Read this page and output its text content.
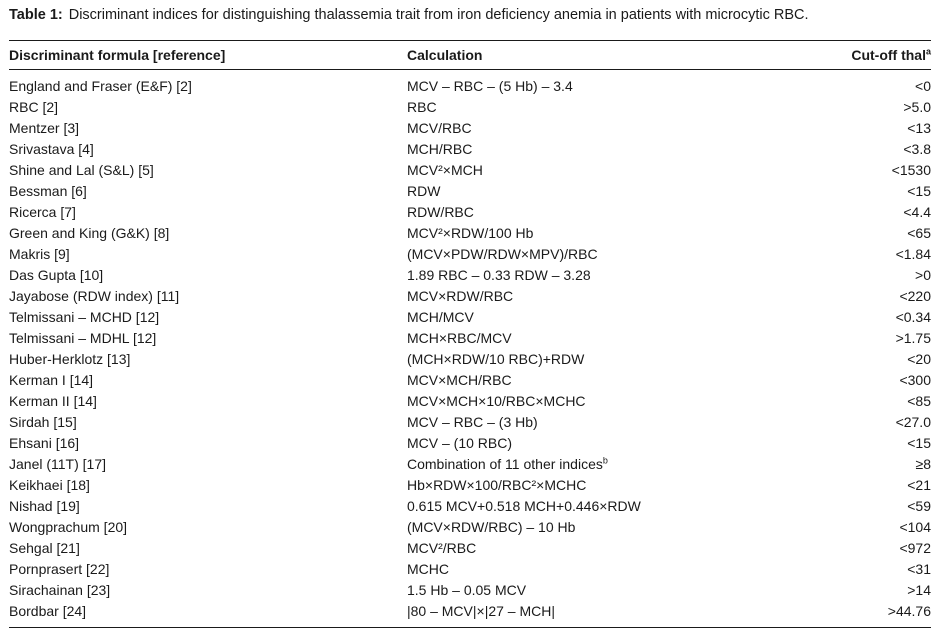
Table 1: Discriminant indices for distinguishing thalassemia trait from iron deficiency anemia in patients with microcytic RBC.
Discriminant formula [reference]	Calculation	Cut-off thal$^a$
England and Fraser (E&F) [2]	MCV – RBC – (5 Hb) – 3.4	<0
RBC [2]	RBC	>5.0
Mentzer [3]	MCV/RBC	<13
Srivastava [4]	MCH/RBC	<3.8
Shine and Lal (S&L) [5]	MCV²×MCH	<1530
Bessman [6]	RDW	<15
Ricerca [7]	RDW/RBC	<4.4
Green and King (G&K) [8]	MCV²×RDW/100 Hb	<65
Makris [9]	(MCV×PDW/RDW×MPV)/RBC	<1.84
Das Gupta [10]	1.89 RBC – 0.33 RDW – 3.28	>0
Jayabose (RDW index) [11]	MCV×RDW/RBC	<220
Telmissani – MCHD [12]	MCH/MCV	<0.34
Telmissani – MDHL [12]	MCH×RBC/MCV	>1.75
Huber-Herklotz [13]	(MCH×RDW/10 RBC)+RDW	<20
Kerman I [14]	MCV×MCH/RBC	<300
Kerman II [14]	MCV×MCH×10/RBC×MCHC	<85
Sirdah [15]	MCV – RBC – (3 Hb)	<27.0
Ehsani [16]	MCV – (10 RBC)	<15
Janel (11T) [17]	Combination of 11 other indices$^b$	≥8
Keikhaei [18]	Hb×RDW×100/RBC²×MCHC	<21
Nishad [19]	0.615 MCV+0.518 MCH+0.446×RDW	<59
Wongprachum [20]	(MCV×RDW/RBC) – 10 Hb	<104
Sehgal [21]	MCV²/RBC	<972
Pornprasert [22]	MCHC	<31
Sirachainan [23]	1.5 Hb – 0.05 MCV	>14
Bordbar [24]	|80 – MCV|×|27 – MCH|	>44.76
